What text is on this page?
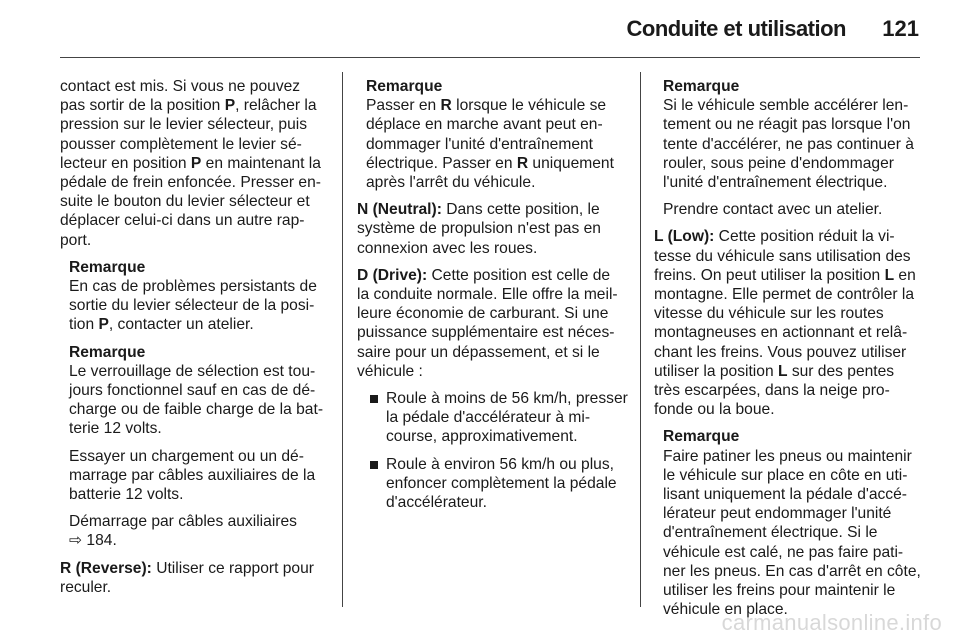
Conduite et utilisation 121
contact est mis. Si vous ne pouvez
pas sortir de la position P, relâcher la
pression sur le levier sélecteur, puis
pousser complètement le levier sé-
lecteur en position P en maintenant la
pédale de frein enfoncée. Presser en-
suite le bouton du levier sélecteur et
déplacer celui-ci dans un autre rap-
port.
Remarque
En cas de problèmes persistants de
sortie du levier sélecteur de la posi-
tion P, contacter un atelier.
Remarque
Le verrouillage de sélection est tou-
jours fonctionnel sauf en cas de dé-
charge ou de faible charge de la bat-
terie 12 volts.
Essayer un chargement ou un dé-
marrage par câbles auxiliaires de la
batterie 12 volts.
Démarrage par câbles auxiliaires
⇨ 184.
R (Reverse): Utiliser ce rapport pour
reculer.
Remarque
Passer en R lorsque le véhicule se
déplace en marche avant peut en-
dommager l'unité d'entraînement
électrique. Passer en R uniquement
après l'arrêt du véhicule.
N (Neutral): Dans cette position, le
système de propulsion n'est pas en
connexion avec les roues.
D (Drive): Cette position est celle de
la conduite normale. Elle offre la meil-
leure économie de carburant. Si une
puissance supplémentaire est néces-
saire pour un dépassement, et si le
véhicule :
Roule à moins de 56 km/h, presser
la pédale d'accélérateur à mi-
course, approximativement.
Roule à environ 56 km/h ou plus,
enfoncer complètement la pédale
d'accélérateur.
Remarque
Si le véhicule semble accélérer len-
tement ou ne réagit pas lorsque l'on
tente d'accélérer, ne pas continuer à
rouler, sous peine d'endommager
l'unité d'entraînement électrique.
Prendre contact avec un atelier.
L (Low): Cette position réduit la vi-
tesse du véhicule sans utilisation des
freins. On peut utiliser la position L en
montagne. Elle permet de contrôler la
vitesse du véhicule sur les routes
montagneuses en actionnant et relâ-
chant les freins. Vous pouvez utiliser
utiliser la position L sur des pentes
très escarpées, dans la neige pro-
fonde ou la boue.
Remarque
Faire patiner les pneus ou maintenir
le véhicule sur place en côte en uti-
lisant uniquement la pédale d'accé-
lérateur peut endommager l'unité
d'entraînement électrique. Si le
véhicule est calé, ne pas faire pati-
ner les pneus. En cas d'arrêt en côte,
utiliser les freins pour maintenir le
véhicule en place.
carmanualsonline.info
